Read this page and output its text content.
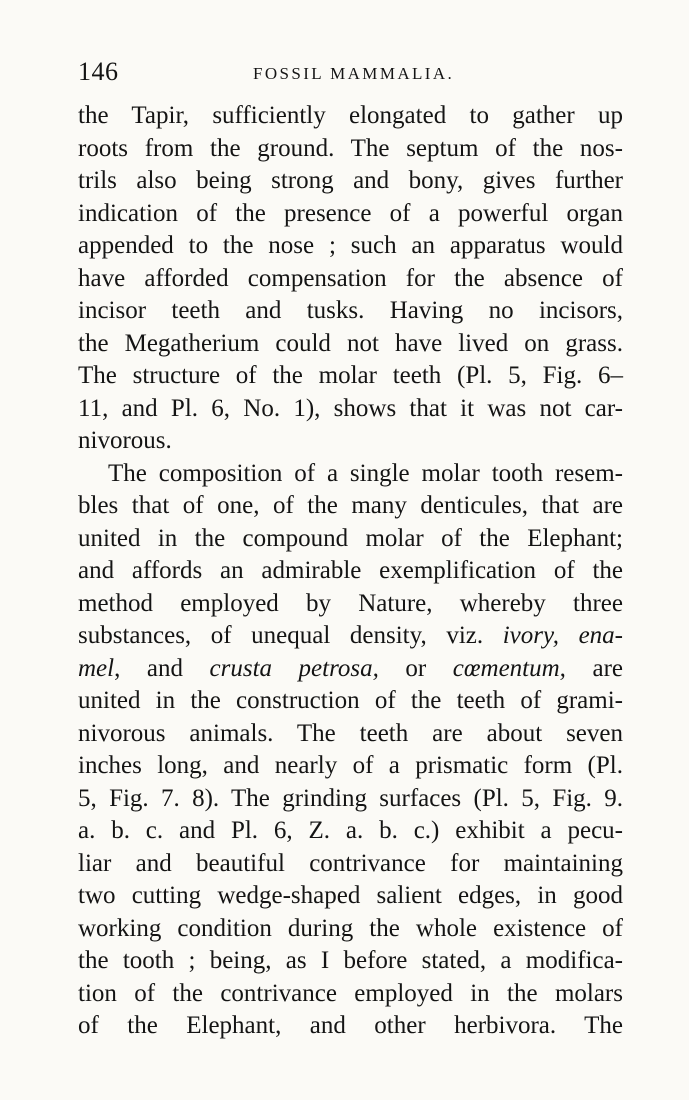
146	FOSSIL MAMMALIA.
the Tapir, sufficiently elongated to gather up
roots from the ground. The septum of the nos-
trils also being strong and bony, gives further
indication of the presence of a powerful organ
appended to the nose ; such an apparatus would
have afforded compensation for the absence of
incisor teeth and tusks. Having no incisors,
the Megatherium could not have lived on grass.
The structure of the molar teeth (Pl. 5, Fig. 6–
11, and Pl. 6, No. 1), shows that it was not car-
nivorous.
The composition of a single molar tooth resem-
bles that of one, of the many denticules, that are
united in the compound molar of the Elephant;
and affords an admirable exemplification of the
method employed by Nature, whereby three
substances, of unequal density, viz. ivory, ena-
mel, and crusta petrosa, or cœmentum, are
united in the construction of the teeth of grami-
nivorous animals. The teeth are about seven
inches long, and nearly of a prismatic form (Pl.
5, Fig. 7. 8). The grinding surfaces (Pl. 5, Fig. 9.
a. b. c. and Pl. 6, Z. a. b. c.) exhibit a pecu-
liar and beautiful contrivance for maintaining
two cutting wedge-shaped salient edges, in good
working condition during the whole existence of
the tooth ; being, as I before stated, a modifica-
tion of the contrivance employed in the molars
of the Elephant, and other herbivora. The
